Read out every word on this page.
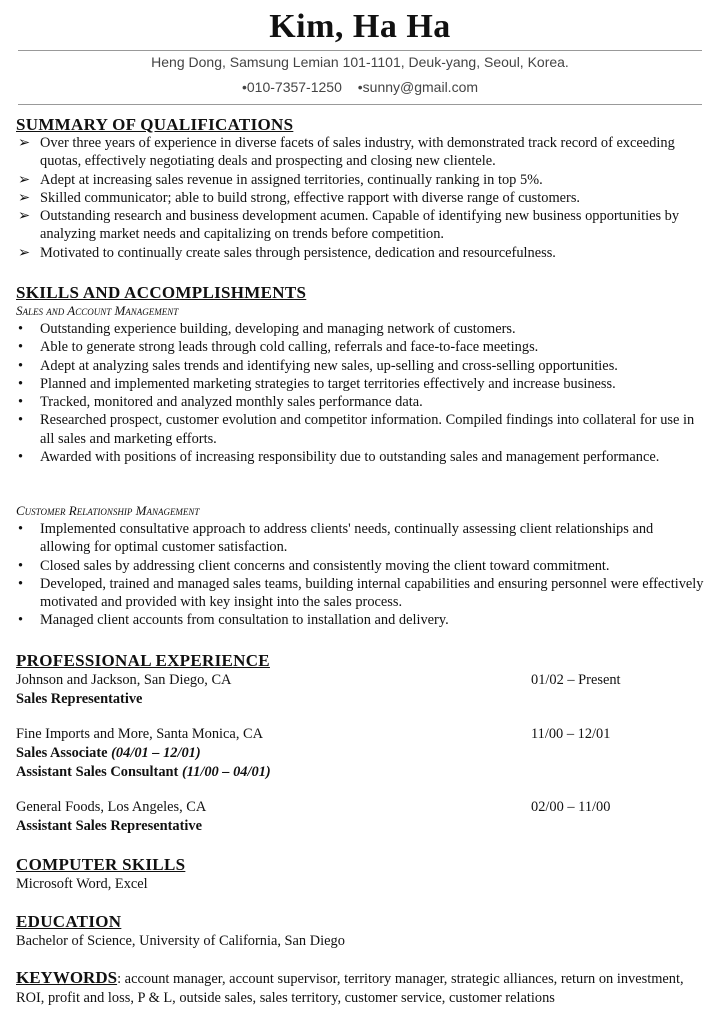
Kim, Ha Ha
Heng Dong, Samsung Lemian 101-1101, Deuk-yang, Seoul, Korea.
•010-7357-1250 •sunny@gmail.com
SUMMARY OF QUALIFICATIONS
➢ Over three years of experience in diverse facets of sales industry, with demonstrated track record of exceeding quotas, effectively negotiating deals and prospecting and closing new clientele.
➢ Adept at increasing sales revenue in assigned territories, continually ranking in top 5%.
➢ Skilled communicator; able to build strong, effective rapport with diverse range of customers.
➢ Outstanding research and business development acumen. Capable of identifying new business opportunities by analyzing market needs and capitalizing on trends before competition.
➢ Motivated to continually create sales through persistence, dedication and resourcefulness.
SKILLS AND ACCOMPLISHMENTS
Sales and Account Management
•	Outstanding experience building, developing and managing network of customers.
•	Able to generate strong leads through cold calling, referrals and face-to-face meetings.
•	Adept at analyzing sales trends and identifying new sales, up-selling and cross-selling opportunities.
•	Planned and implemented marketing strategies to target territories effectively and increase business.
•	Tracked, monitored and analyzed monthly sales performance data.
•	Researched prospect, customer evolution and competitor information. Compiled findings into collateral for use in all sales and marketing efforts.
•	Awarded with positions of increasing responsibility due to outstanding sales and management performance.
Customer Relationship Management
•	Implemented consultative approach to address clients' needs, continually assessing client relationships and allowing for optimal customer satisfaction.
•	Closed sales by addressing client concerns and consistently moving the client toward commitment.
•	Developed, trained and managed sales teams, building internal capabilities and ensuring personnel were effectively motivated and provided with key insight into the sales process.
•	Managed client accounts from consultation to installation and delivery.
PROFESSIONAL EXPERIENCE
Johnson and Jackson, San Diego, CA	01/02 – Present
Sales Representative
Fine Imports and More, Santa Monica, CA	11/00 – 12/01
Sales Associate (04/01 – 12/01)
Assistant Sales Consultant (11/00 – 04/01)
General Foods, Los Angeles, CA	02/00 – 11/00
Assistant Sales Representative
COMPUTER SKILLS
Microsoft Word, Excel
EDUCATION
Bachelor of Science, University of California, San Diego
KEYWORDS: account manager, account supervisor, territory manager, strategic alliances, return on investment, ROI, profit and loss, P & L, outside sales, sales territory, customer service, customer relations
